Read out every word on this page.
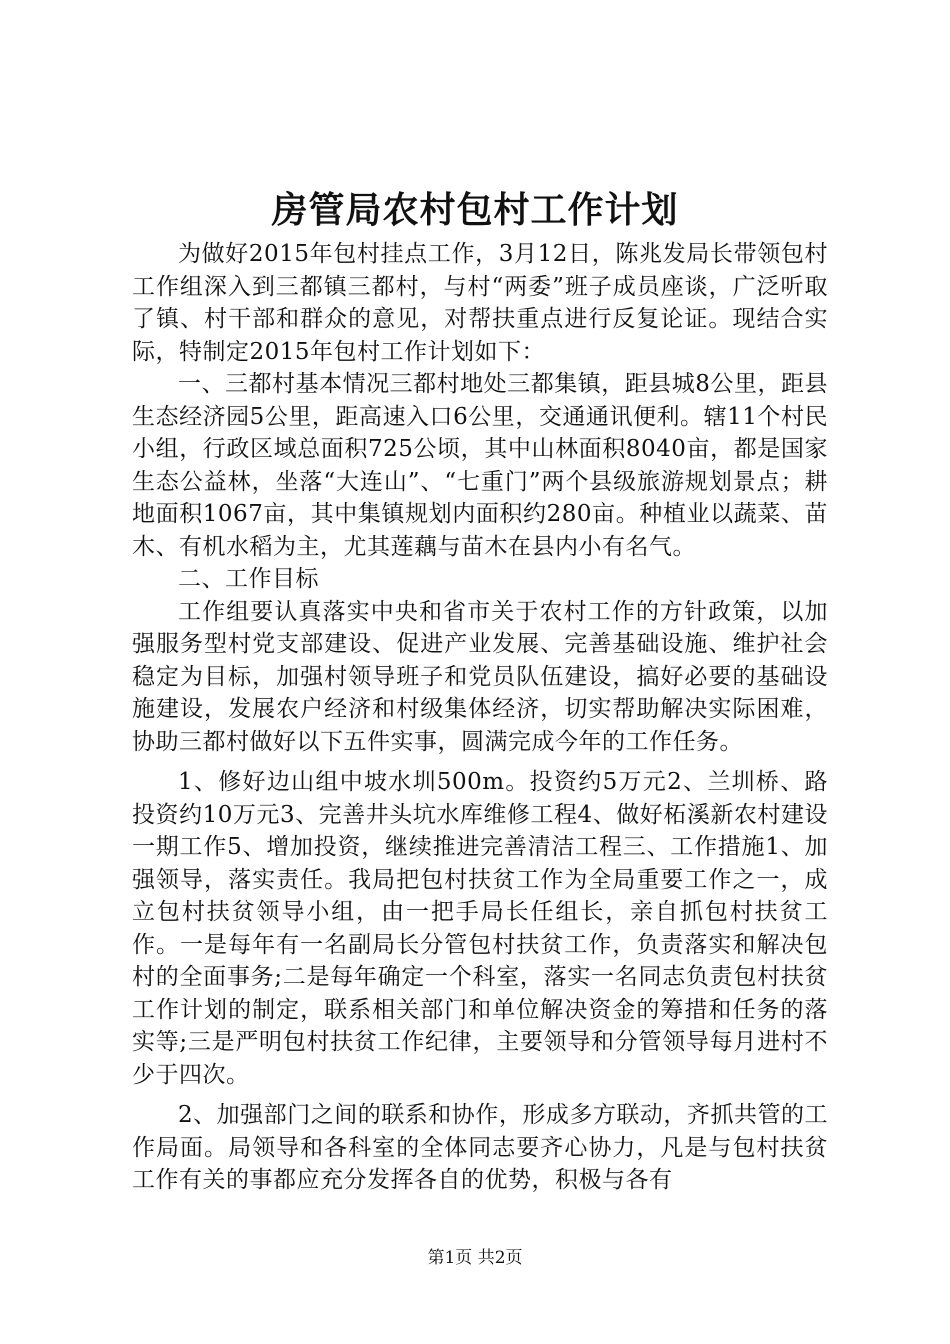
房管局农村包村工作计划

为做好2015年包村挂点工作，3月12日，陈兆发局长带领包村工作组深入到三都镇三都村，与村“两委”班子成员座谈，广泛听取了镇、村干部和群众的意见，对帮扶重点进行反复论证。现结合实际，特制定2015年包村工作计划如下：

一、三都村基本情况三都村地处三都集镇，距县城8公里，距县生态经济园5公里，距高速入口6公里，交通通讯便利。辖11个村民小组，行政区域总面积725公顷，其中山林面积8040亩，都是国家生态公益林，坐落“大连山”、“七重门”两个县级旅游规划景点；耕地面积1067亩，其中集镇规划内面积约280亩。种植业以蔬菜、苗木、有机水稻为主，尤其莲藕与苗木在县内小有名气。

二、工作目标

工作组要认真落实中央和省市关于农村工作的方针政策，以加强服务型村党支部建设、促进产业发展、完善基础设施、维护社会稳定为目标，加强村领导班子和党员队伍建设，搞好必要的基础设施建设，发展农户经济和村级集体经济，切实帮助解决实际困难，协助三都村做好以下五件实事，圆满完成今年的工作任务。

1、修好边山组中坡水圳500m。投资约5万元2、兰圳桥、路投资约10万元3、完善井头坑水库维修工程4、做好柘溪新农村建设一期工作5、增加投资，继续推进完善清洁工程三、工作措施1、加强领导，落实责任。我局把包村扶贫工作为全局重要工作之一，成立包村扶贫领导小组，由一把手局长任组长，亲自抓包村扶贫工作。一是每年有一名副局长分管包村扶贫工作，负责落实和解决包村的全面事务;二是每年确定一个科室，落实一名同志负责包村扶贫工作计划的制定，联系相关部门和单位解决资金的筹措和任务的落实等;三是严明包村扶贫工作纪律，主要领导和分管领导每月进村不少于四次。

2、加强部门之间的联系和协作，形成多方联动，齐抓共管的工作局面。局领导和各科室的全体同志要齐心协力，凡是与包村扶贫工作有关的事都应充分发挥各自的优势，积极与各有

第1页 共2页
